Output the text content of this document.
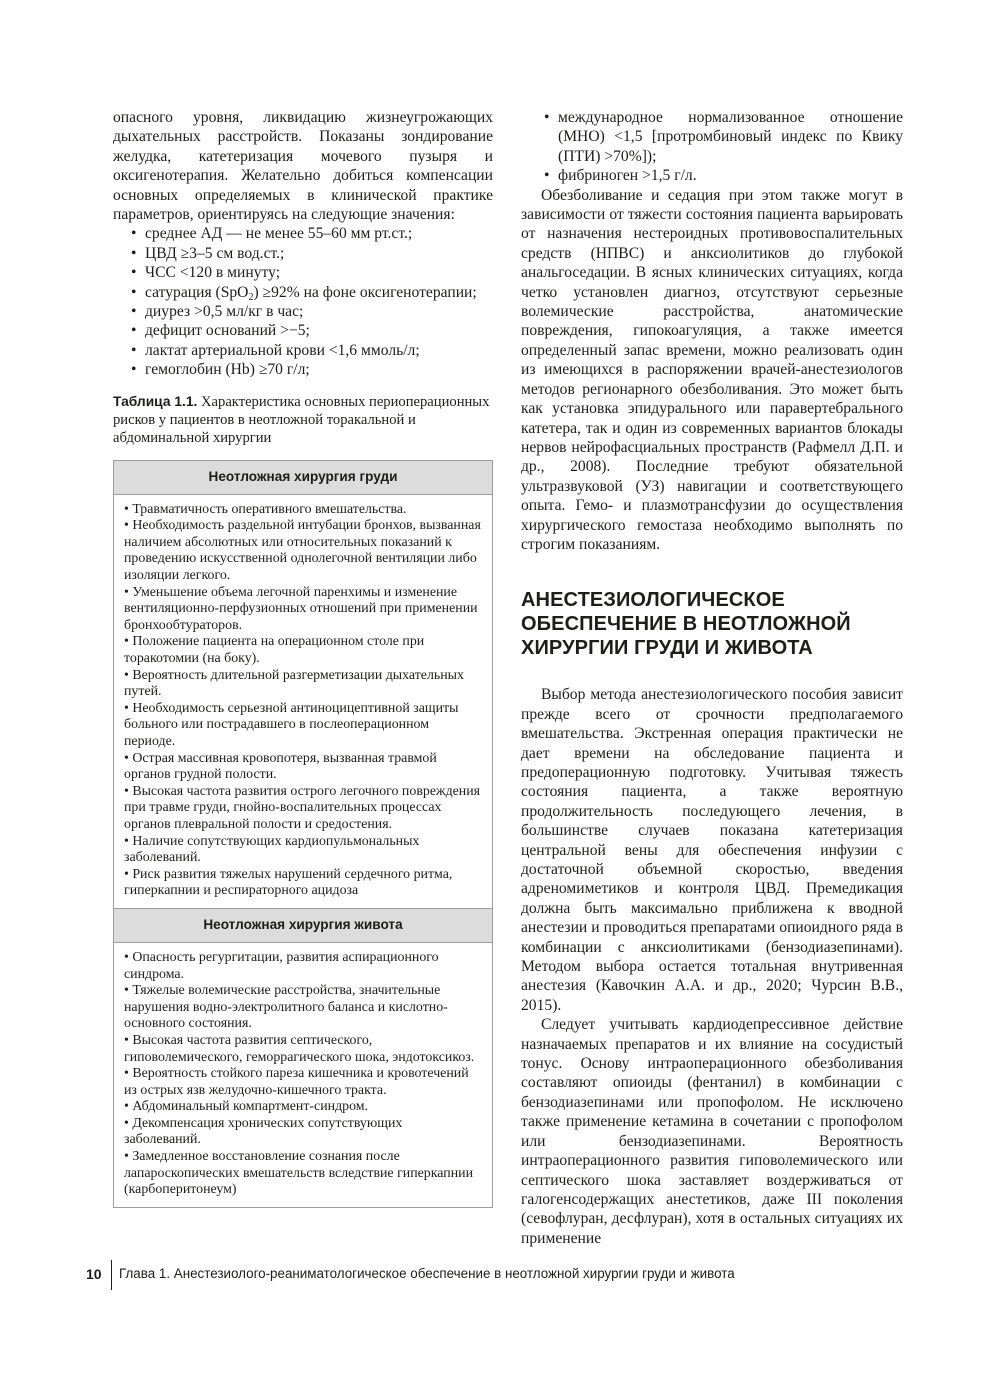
опасного уровня, ликвидацию жизнеугрожающих дыхательных расстройств. Показаны зондирование желудка, катетеризация мочевого пузыря и оксигенотерапия. Желательно добиться компенсации основных определяемых в клинической практике параметров, ориентируясь на следующие значения:

• среднее АД — не менее 55–60 мм рт.ст.;
• ЦВД ≥3–5 см вод.ст.;
• ЧСС <120 в минуту;
• сатурация (SpO$_2$) ≥92% на фоне оксигенотерапии;
• диурез >0,5 мл/кг в час;
• дефицит оснований >−5;
• лактат артериальной крови <1,6 ммоль/л;
• гемоглобин (Hb) ≥70 г/л;
Таблица 1.1. Характеристика основных периоперационных рисков у пациентов в неотложной торакальной и абдоминальной хирургии
Неотложная хирургия груди

• Травматичность оперативного вмешательства.
• Необходимость раздельной интубации бронхов, вызванная наличием абсолютных или относительных показаний к проведению искусственной однолегочной вентиляции либо изоляции легкого.
• Уменьшение объема легочной паренхимы и изменение вентиляционно-перфузионных отношений при применении бронхообтураторов.
• Положение пациента на операционном столе при торакотомии (на боку).
• Вероятность длительной разгерметизации дыхательных путей.
• Необходимость серьезной антиноцицептивной защиты больного или пострадавшего в послеоперационном периоде.
• Острая массивная кровопотеря, вызванная травмой органов грудной полости.
• Высокая частота развития острого легочного повреждения при травме груди, гнойно-воспалительных процессах органов плевральной полости и средостения.
• Наличие сопутствующих кардиопульмональных заболеваний.
• Риск развития тяжелых нарушений сердечного ритма, гиперкапнии и респираторного ацидоза

Неотложная хирургия живота

• Опасность регургитации, развития аспирационного синдрома.
• Тяжелые волемические расстройства, значительные нарушения водно-электролитного баланса и кислотно-основного состояния.
• Высокая частота развития септического, гиповолемического, геморрагического шока, эндотоксикоз.
• Вероятность стойкого пареза кишечника и кровотечений из острых язв желудочно-кишечного тракта.
• Абдоминальный компартмент-синдром.
• Декомпенсация хронических сопутствующих заболеваний.
• Замедленное восстановление сознания после лапароскопических вмешательств вследствие гиперкапнии (карбоперитонеум)
• международное нормализованное отношение (МНО) <1,5 [протромбиновый индекс по Квику (ПТИ) >70%]);
• фибриноген >1,5 г/л.

Обезболивание и седация при этом также могут в зависимости от тяжести состояния пациента варьировать от назначения нестероидных противовоспалительных средств (НПВС) и анксиолитиков до глубокой анальгоседации. В ясных клинических ситуациях, когда четко установлен диагноз, отсутствуют серьезные волемические расстройства, анатомические повреждения, гипокоагуляция, а также имеется определенный запас времени, можно реализовать один из имеющихся в распоряжении врачей-анестезиологов методов регионарного обезболивания. Это может быть как установка эпидурального или паравертебрального катетера, так и один из современных вариантов блокады нервов нейрофасциальных пространств (Рафмелл Д.П. и др., 2008). Последние требуют обязательной ультразвуковой (УЗ) навигации и соответствующего опыта. Гемо- и плазмотрансфузии до осуществления хирургического гемостаза необходимо выполнять по строгим показаниям.

АНЕСТЕЗИОЛОГИЧЕСКОЕ ОБЕСПЕЧЕНИЕ В НЕОТЛОЖНОЙ ХИРУРГИИ ГРУДИ И ЖИВОТА

Выбор метода анестезиологического пособия зависит прежде всего от срочности предполагаемого вмешательства. Экстренная операция практически не дает времени на обследование пациента и предоперационную подготовку. Учитывая тяжесть состояния пациента, а также вероятную продолжительность последующего лечения, в большинстве случаев показана катетеризация центральной вены для обеспечения инфузии с достаточной объемной скоростью, введения адреномиметиков и контроля ЦВД. Премедикация должна быть максимально приближена к вводной анестезии и проводиться препаратами опиоидного ряда в комбинации с анксиолитиками (бензодиазепинами). Методом выбора остается тотальная внутривенная анестезия (Кавочкин А.А. и др., 2020; Чурсин В.В., 2015).

Следует учитывать кардиодепрессивное действие назначаемых препаратов и их влияние на сосудистый тонус. Основу интраоперационного обезболивания составляют опиоиды (фентанил) в комбинации с бензодиазепинами или пропофолом. Не исключено также применение кетамина в сочетании с пропофолом или бензодиазепинами. Вероятность интраоперационного развития гиповолемического или септического шока заставляет воздерживаться от галогенсодержащих анестетиков, даже III поколения (севофлуран, десфлуран), хотя в остальных ситуациях их применение

10 Глава 1. Анестезиолого-реаниматологическое обеспечение в неотложной хирургии груди и живота
